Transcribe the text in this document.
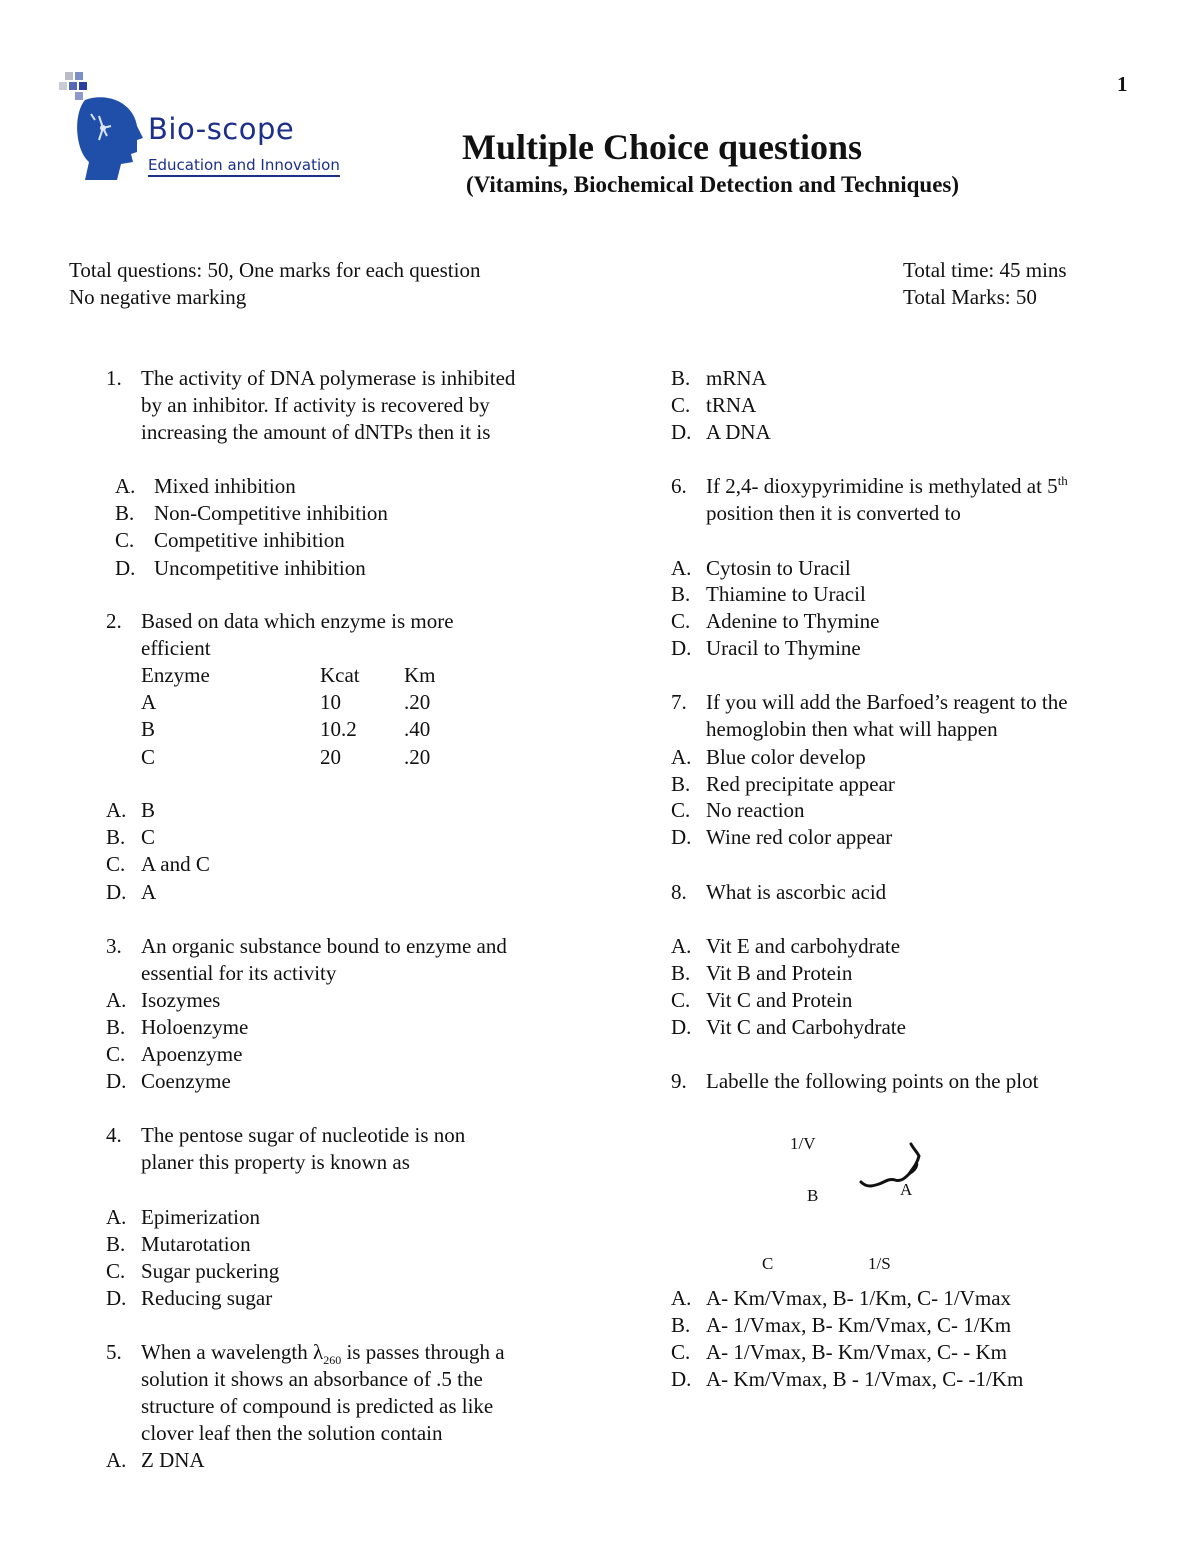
1
Bio-scope
Education and Innovation	Multiple Choice questions
(Vitamins, Biochemical Detection and Techniques)
Total questions: 50, One marks for each question
No negative marking
Total time: 45 mins
Total Marks: 50
1. The activity of DNA polymerase is inhibited
by an inhibitor. If activity is recovered by
increasing the amount of dNTPs then it is
A. Mixed inhibition
B. Non-Competitive inhibition
C. Competitive inhibition
D. Uncompetitive inhibition
2. Based on data which enzyme is more
efficient
Enzyme	Kcat Km
A	10	.20
B	10.2 .40
C	20	.20
A. B
B. C
C. A and C
D. A
3. An organic substance bound to enzyme and
essential for its activity
A. Isozymes
B. Holoenzyme
C. Apoenzyme
D. Coenzyme
4. The pentose sugar of nucleotide is non
planer this property is known as
A. Epimerization
B. Mutarotation
C. Sugar puckering
D. Reducing sugar
5. When a wavelength $\lambda_{260}$ is passes through a
solution it shows an absorbance of .5 the
structure of compound is predicted as like
clover leaf then the solution contain
A. Z DNA
B. mRNA
C. tRNA
D. A DNA
6. If 2,4- dioxypyrimidine is methylated at 5th
position then it is converted to
A. Cytosin to Uracil
B. Thiamine to Uracil
C. Adenine to Thymine
D. Uracil to Thymine
7. If you will add the Barfoed’s reagent to the
hemoglobin then what will happen
A. Blue color develop
B. Red precipitate appear
C. No reaction
D. Wine red color appear
8. What is ascorbic acid
A. Vit E and carbohydrate
B. Vit B and Protein
C. Vit C and Protein
D. Vit C and Carbohydrate
9. Labelle the following points on the plot
1/V
B	A
C	1/S
A. A- Km/Vmax, B- 1/Km, C- 1/Vmax
B. A- 1/Vmax, B- Km/Vmax, C- 1/Km
C. A- 1/Vmax, B- Km/Vmax, C- - Km
D. A- Km/Vmax, B - 1/Vmax, C- -1/Km
